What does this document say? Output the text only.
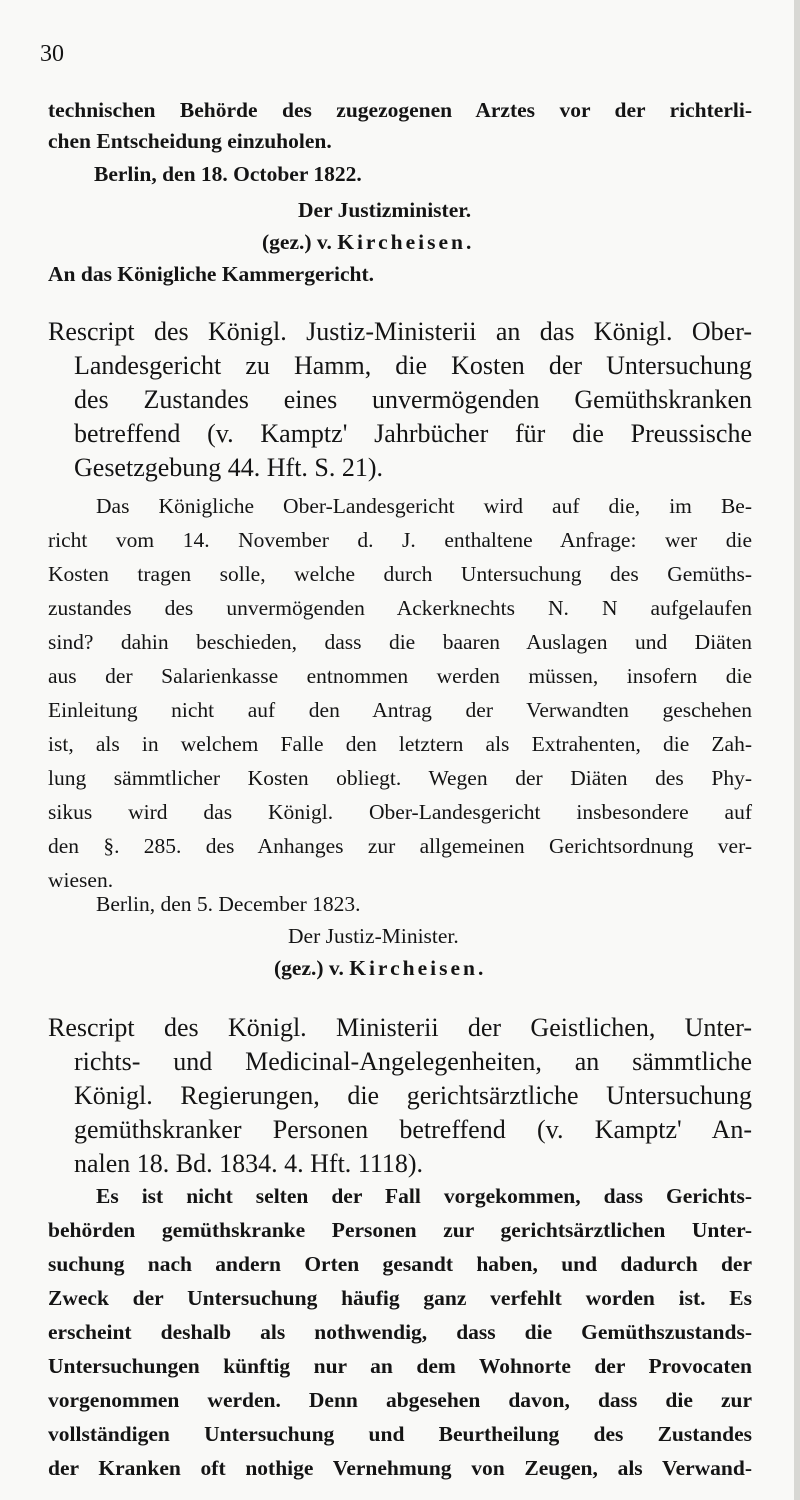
30
technischen Behörde des zugezogenen Arztes vor der richterli-
chen Entscheidung einzuholen.
Berlin, den 18. October 1822.
Der Justizminister.
(gez.) v. Kircheisen.
An das Königliche Kammergericht.
Rescript des Königl. Justiz-Ministerii an das Königl. Ober-
Landesgericht zu Hamm, die Kosten der Untersuchung
des Zustandes eines unvermögenden Gemüthskranken
betreffend (v. Kamptz' Jahrbücher für die Preussische
Gesetzgebung 44. Hft. S. 21).
Das Königliche Ober-Landesgericht wird auf die, im Be-
richt vom 14. November d. J. enthaltene Anfrage: wer die
Kosten tragen solle, welche durch Untersuchung des Gemüths-
zustandes des unvermögenden Ackerknechts N. N aufgelaufen
sind? dahin beschieden, dass die baaren Auslagen und Diäten
aus der Salarienkasse entnommen werden müssen, insofern die
Einleitung nicht auf den Antrag der Verwandten geschehen
ist, als in welchem Falle den letztern als Extrahenten, die Zah-
lung sämmtlicher Kosten obliegt. Wegen der Diäten des Phy-
sikus wird das Königl. Ober-Landesgericht insbesondere auf
den §. 285. des Anhanges zur allgemeinen Gerichtsordnung ver-
wiesen.
Berlin, den 5. December 1823.
Der Justiz-Minister.
(gez.) v. Kircheisen.
Rescript des Königl. Ministerii der Geistlichen, Unter-
richts- und Medicinal-Angelegenheiten, an sämmtliche
Königl. Regierungen, die gerichtsärztliche Untersuchung
gemüthskranker Personen betreffend (v. Kamptz' An-
nalen 18. Bd. 1834. 4. Hft. 1118).
Es ist nicht selten der Fall vorgekommen, dass Gerichts-
behörden gemüthskranke Personen zur gerichtsärztlichen Unter-
suchung nach andern Orten gesandt haben, und dadurch der
Zweck der Untersuchung häufig ganz verfehlt worden ist. Es
erscheint deshalb als nothwendig, dass die Gemüthszustands-
Untersuchungen künftig nur an dem Wohnorte der Provocaten
vorgenommen werden. Denn abgesehen davon, dass die zur
vollständigen Untersuchung und Beurtheilung des Zustandes
der Kranken oft nothige Vernehmung von Zeugen, als Verwand-
